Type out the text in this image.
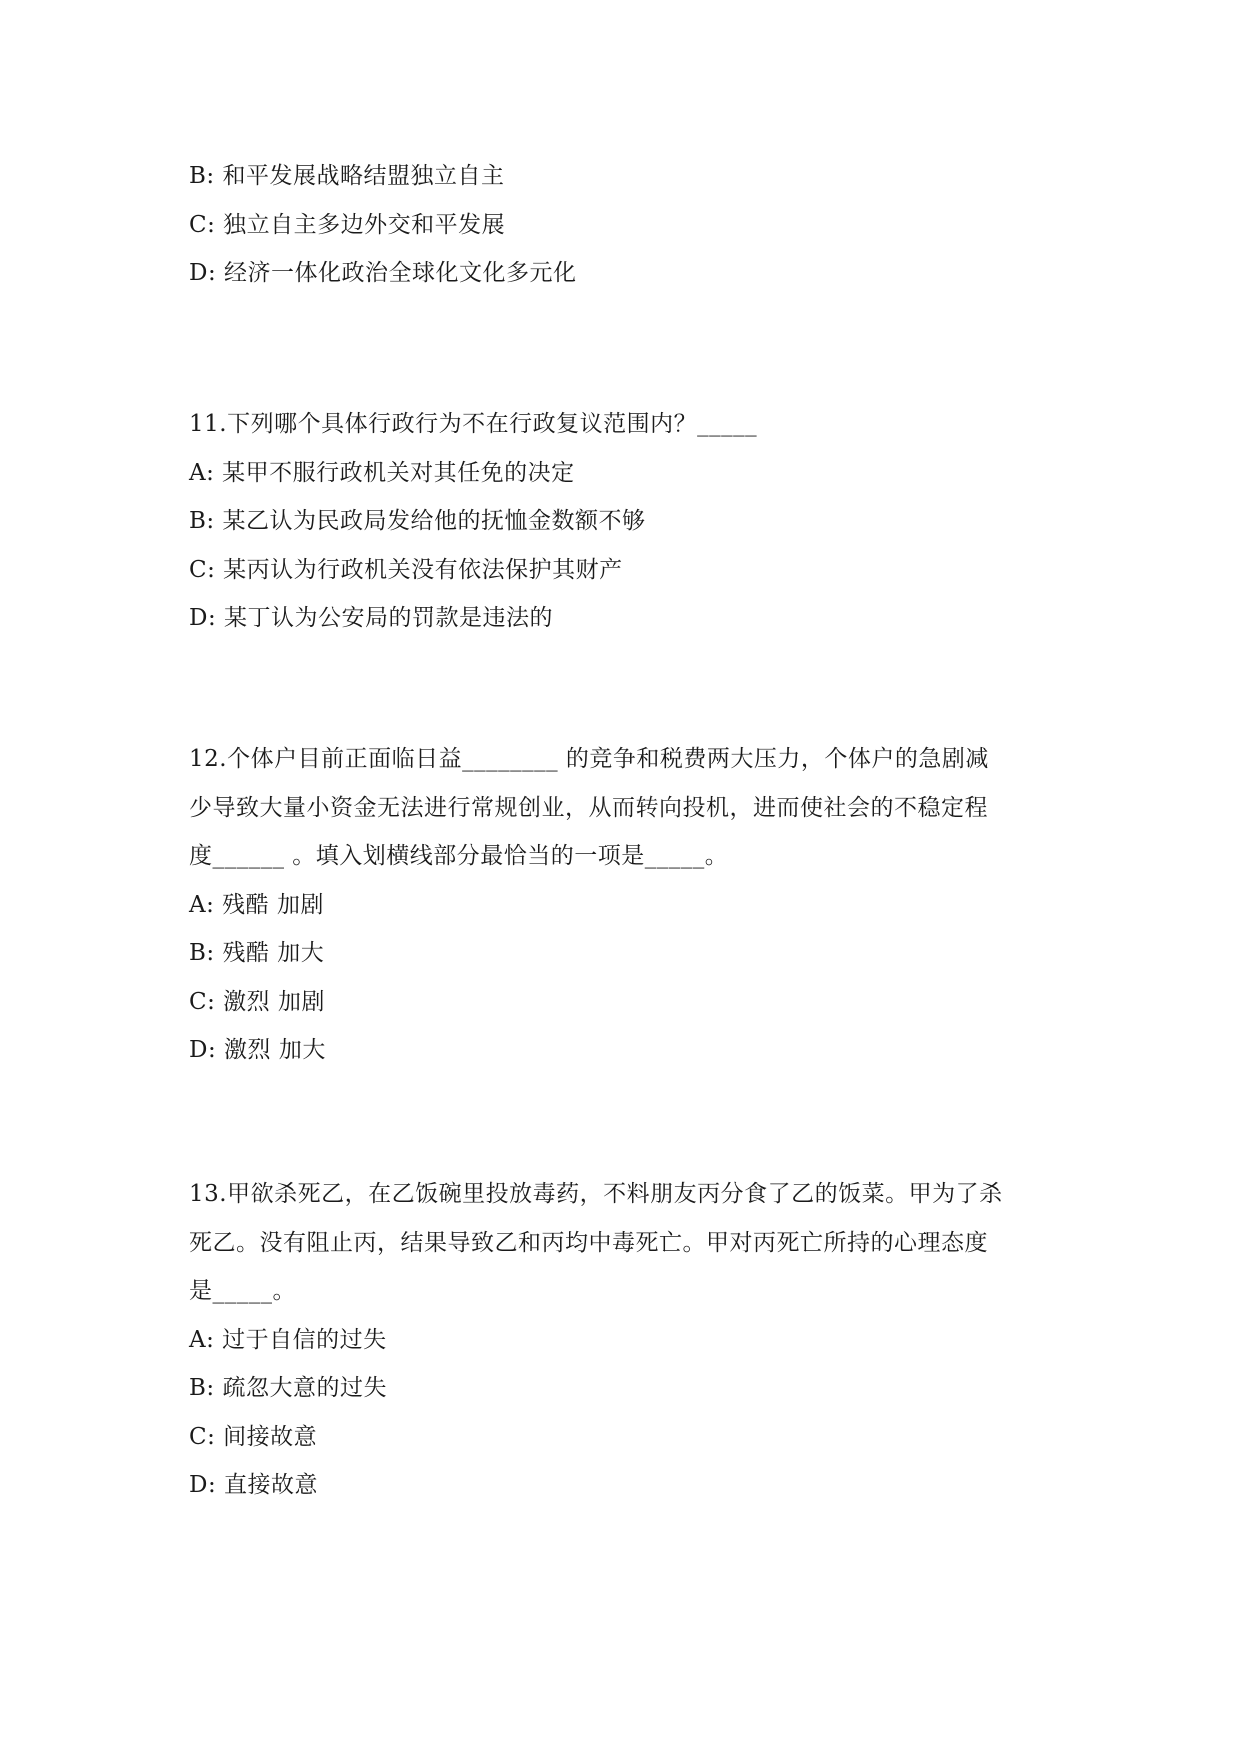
B: 和平发展战略结盟独立自主
C: 独立自主多边外交和平发展
D: 经济一体化政治全球化文化多元化
11.下列哪个具体行政行为不在行政复议范围内？_____
A: 某甲不服行政机关对其任免的决定
B: 某乙认为民政局发给他的抚恤金数额不够
C: 某丙认为行政机关没有依法保护其财产
D: 某丁认为公安局的罚款是违法的
12.个体户目前正面临日益________ 的竞争和税费两大压力，个体户的急剧减
少导致大量小资金无法进行常规创业，从而转向投机，进而使社会的不稳定程
度______ 。填入划横线部分最恰当的一项是_____。
A: 残酷 加剧
B: 残酷 加大
C: 激烈 加剧
D: 激烈 加大
13.甲欲杀死乙，在乙饭碗里投放毒药，不料朋友丙分食了乙的饭菜。甲为了杀
死乙。没有阻止丙，结果导致乙和丙均中毒死亡。甲对丙死亡所持的心理态度
是_____。
A: 过于自信的过失
B: 疏忽大意的过失
C: 间接故意
D: 直接故意
